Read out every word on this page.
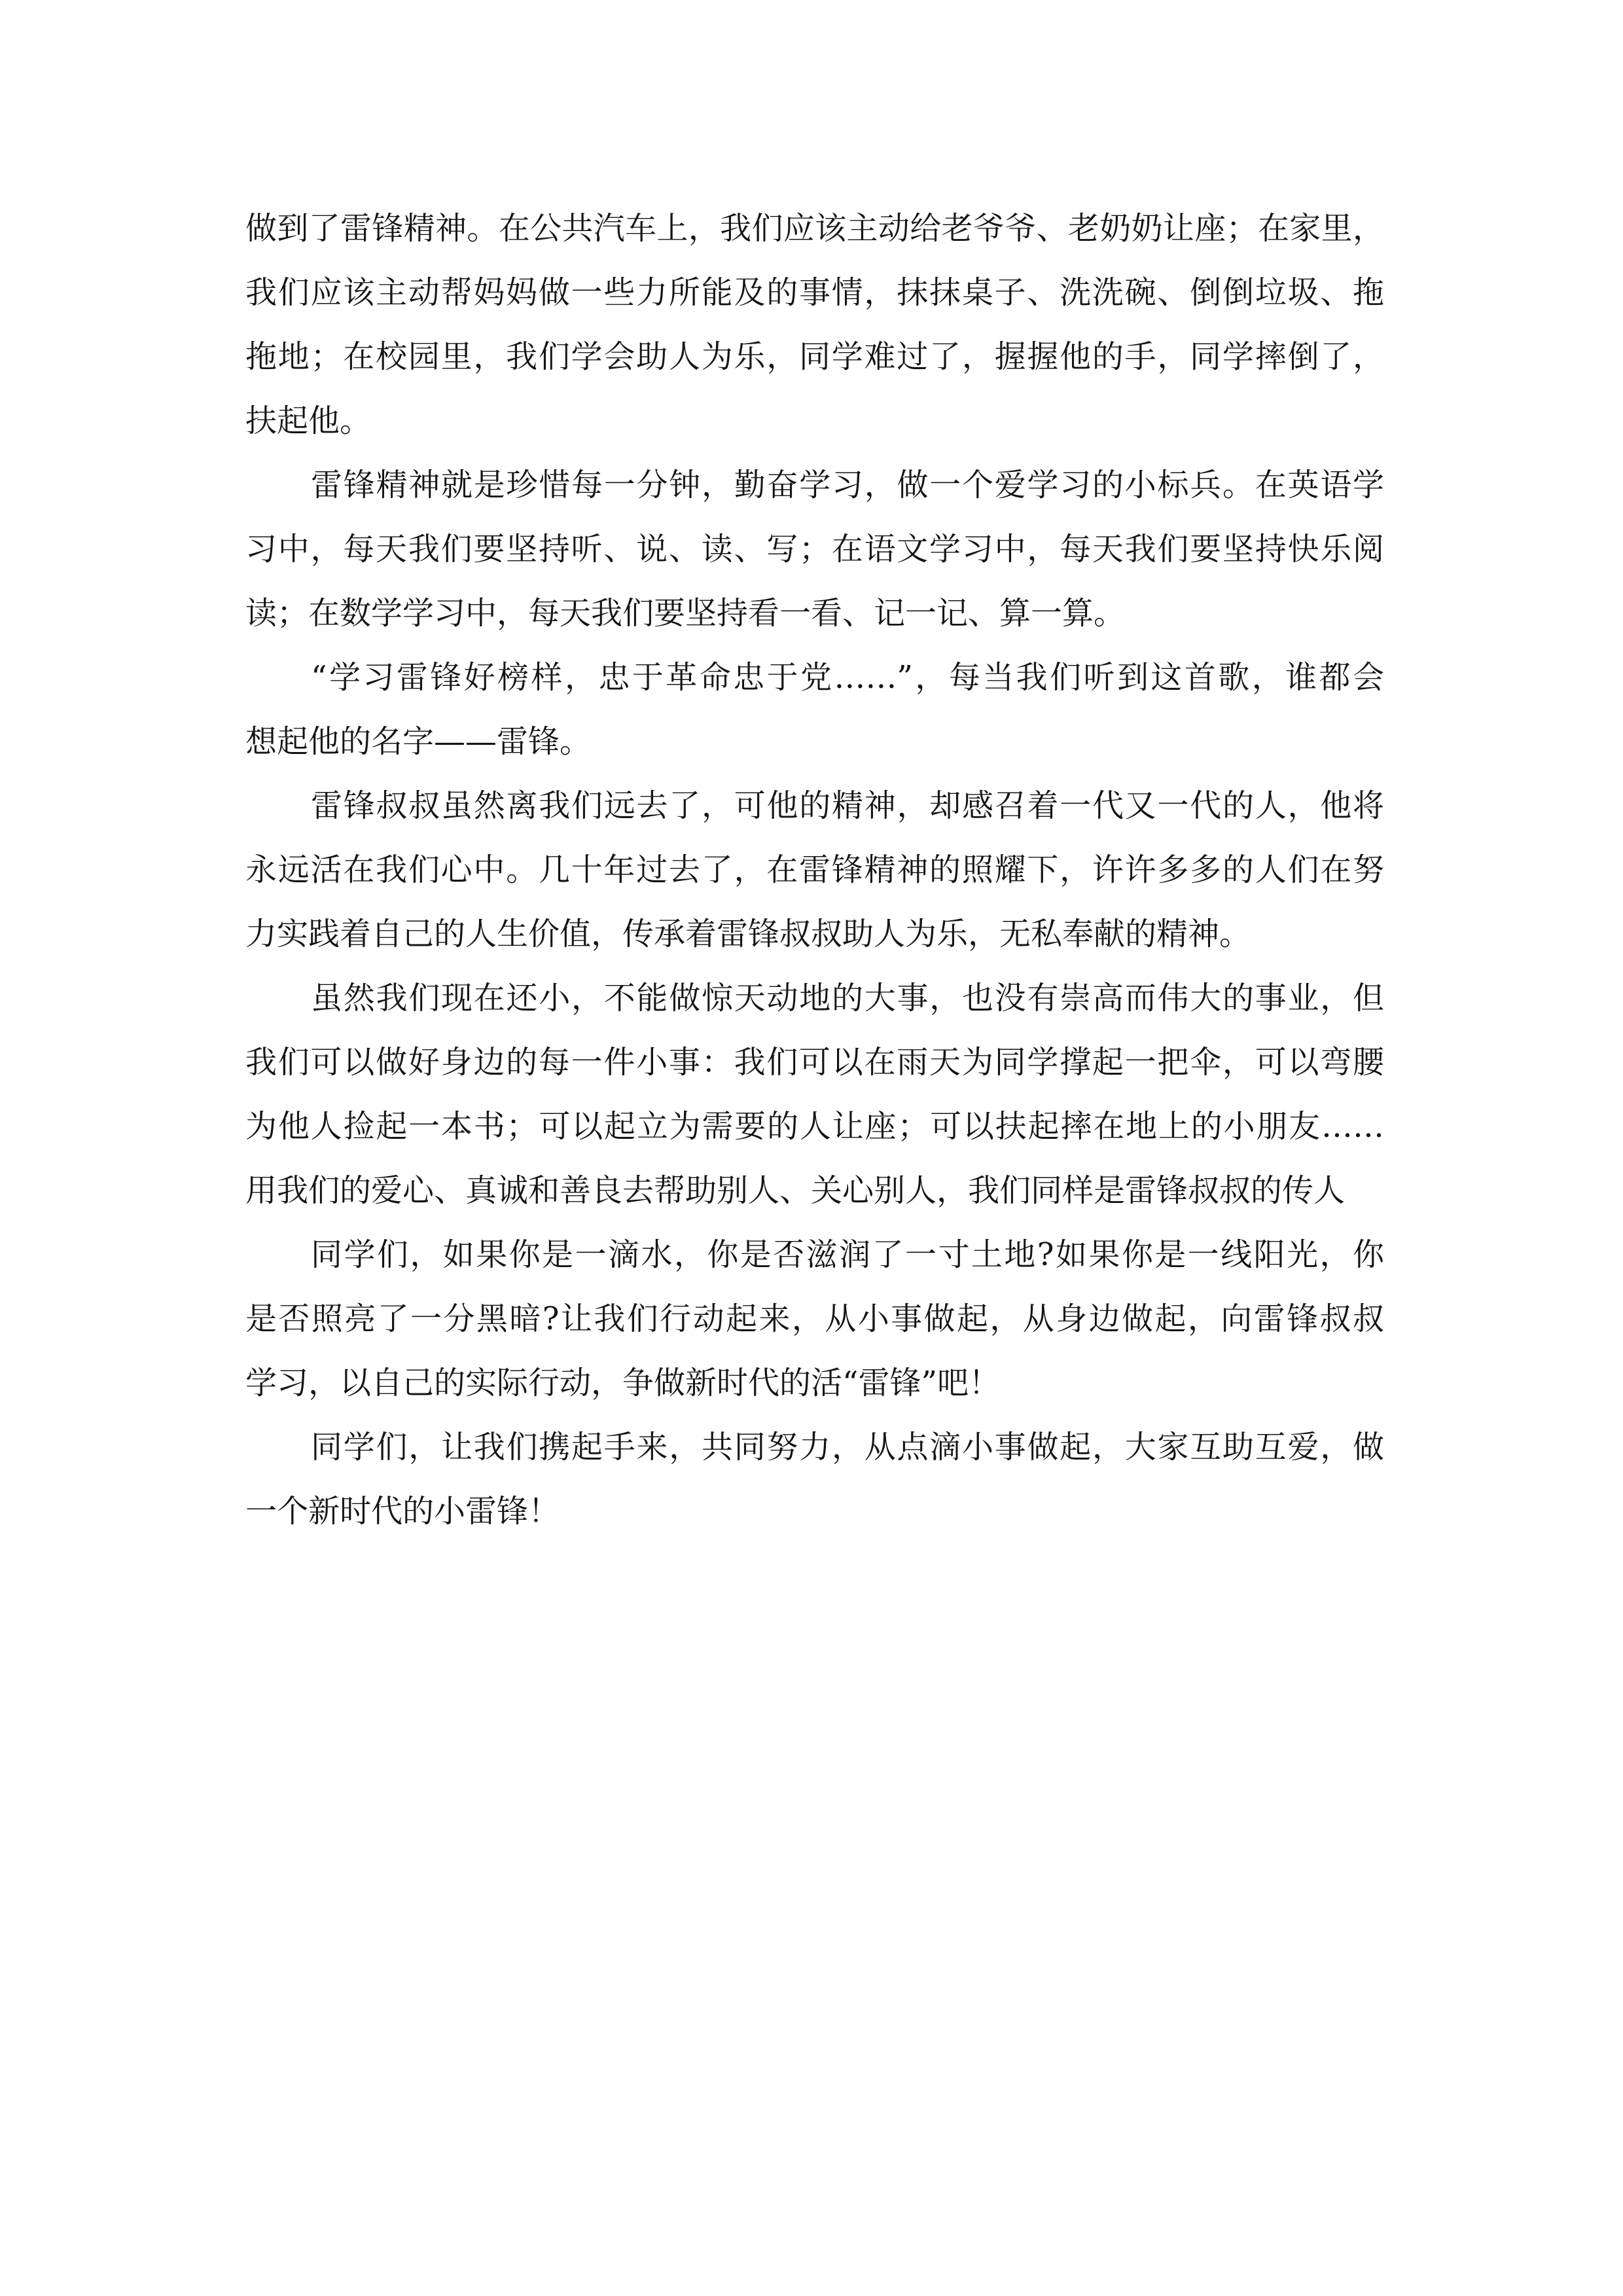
做到了雷锋精神。在公共汽车上，我们应该主动给老爷爷、老奶奶让座；在家里，
我们应该主动帮妈妈做一些力所能及的事情，抹抹桌子、洗洗碗、倒倒垃圾、拖
拖地；在校园里，我们学会助人为乐，同学难过了，握握他的手，同学摔倒了，
扶起他。
雷锋精神就是珍惜每一分钟，勤奋学习，做一个爱学习的小标兵。在英语学
习中，每天我们要坚持听、说、读、写；在语文学习中，每天我们要坚持快乐阅
读；在数学学习中，每天我们要坚持看一看、记一记、算一算。
“学习雷锋好榜样，忠于革命忠于党……”，每当我们听到这首歌，谁都会
想起他的名字——雷锋。
雷锋叔叔虽然离我们远去了，可他的精神，却感召着一代又一代的人，他将
永远活在我们心中。几十年过去了，在雷锋精神的照耀下，许许多多的人们在努
力实践着自己的人生价值，传承着雷锋叔叔助人为乐，无私奉献的精神。
虽然我们现在还小，不能做惊天动地的大事，也没有崇高而伟大的事业，但
我们可以做好身边的每一件小事：我们可以在雨天为同学撑起一把伞，可以弯腰
为他人捡起一本书；可以起立为需要的人让座；可以扶起摔在地上的小朋友……
用我们的爱心、真诚和善良去帮助别人、关心别人，我们同样是雷锋叔叔的传人
同学们，如果你是一滴水，你是否滋润了一寸土地?如果你是一线阳光，你
是否照亮了一分黑暗?让我们行动起来，从小事做起，从身边做起，向雷锋叔叔
学习，以自己的实际行动，争做新时代的活“雷锋”吧！
同学们，让我们携起手来，共同努力，从点滴小事做起，大家互助互爱，做
一个新时代的小雷锋！
